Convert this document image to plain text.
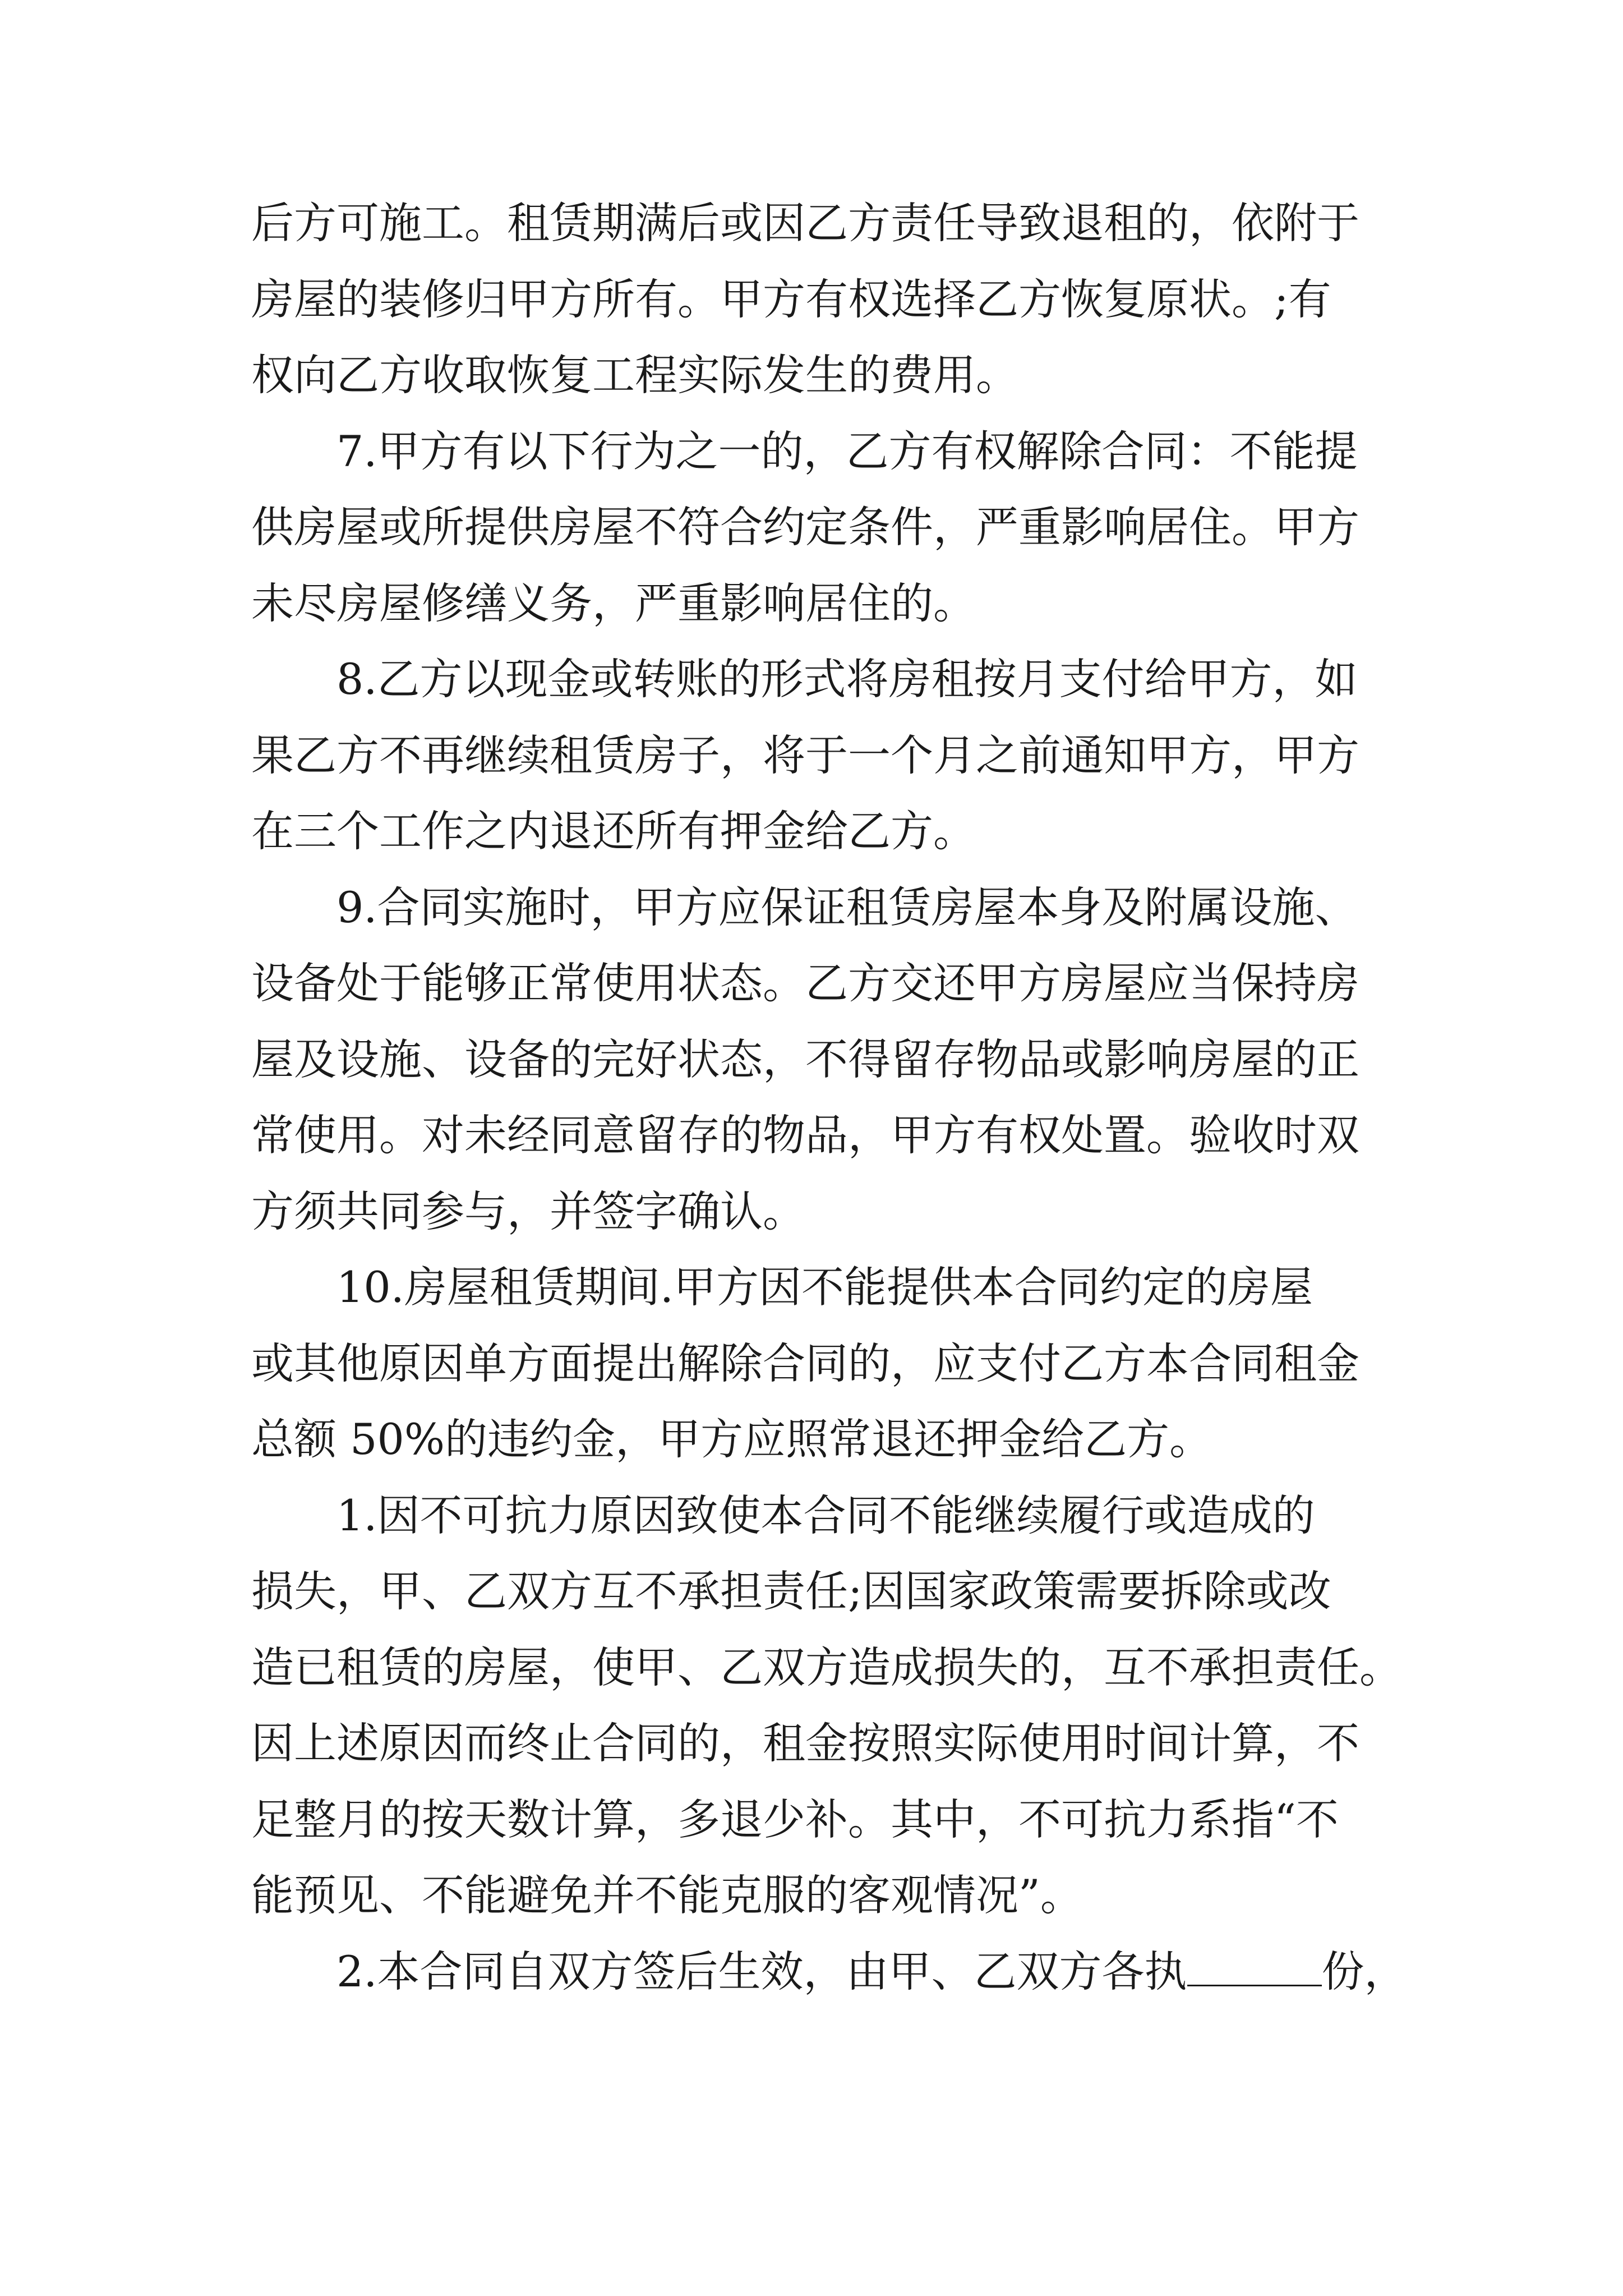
后方可施工。租赁期满后或因乙方责任导致退租的，依附于
房屋的装修归甲方所有。甲方有权选择乙方恢复原状。;有
权向乙方收取恢复工程实际发生的费用。
7.甲方有以下行为之一的，乙方有权解除合同：不能提
供房屋或所提供房屋不符合约定条件，严重影响居住。甲方
未尽房屋修缮义务，严重影响居住的。
8.乙方以现金或转账的形式将房租按月支付给甲方，如
果乙方不再继续租赁房子，将于一个月之前通知甲方，甲方
在三个工作之内退还所有押金给乙方。
9.合同实施时，甲方应保证租赁房屋本身及附属设施、
设备处于能够正常使用状态。乙方交还甲方房屋应当保持房
屋及设施、设备的完好状态，不得留存物品或影响房屋的正
常使用。对未经同意留存的物品，甲方有权处置。验收时双
方须共同参与，并签字确认。
10.房屋租赁期间.甲方因不能提供本合同约定的房屋
或其他原因单方面提出解除合同的，应支付乙方本合同租金
总额 50%的违约金，甲方应照常退还押金给乙方。
1.因不可抗力原因致使本合同不能继续履行或造成的
损失，甲、乙双方互不承担责任;因国家政策需要拆除或改
造已租赁的房屋，使甲、乙双方造成损失的，互不承担责任。
因上述原因而终止合同的，租金按照实际使用时间计算，不
足整月的按天数计算，多退少补。其中，不可抗力系指“不
能预见、不能避免并不能克服的客观情况”。
2.本合同自双方签后生效，由甲、乙双方各执	份，
